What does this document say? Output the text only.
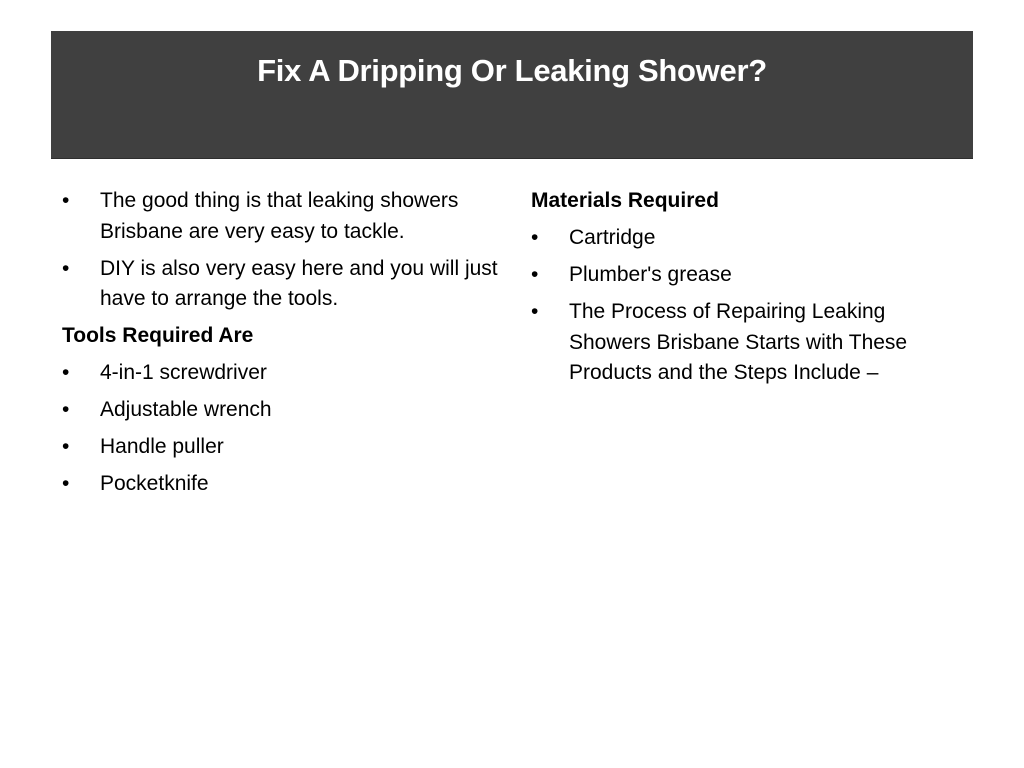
Fix A Dripping Or Leaking Shower?
•	The good thing is that leaking showers Brisbane are very easy to tackle.
•	DIY is also very easy here and you will just have to arrange the tools.
Tools Required Are
•	4-in-1 screwdriver
•	Adjustable wrench
•	Handle puller
•	Pocketknife
Materials Required
•	Cartridge
•	Plumber's grease
•	The Process of Repairing Leaking Showers Brisbane Starts with These Products and the Steps Include –
